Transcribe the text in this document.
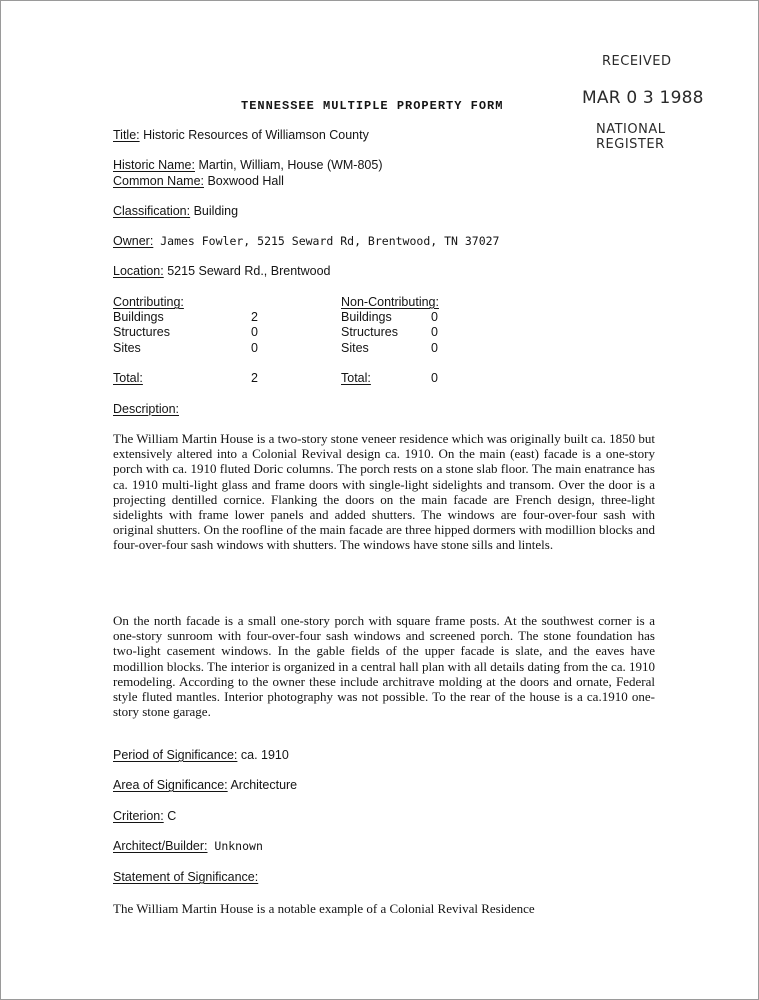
RECEIVED
MAR 0 3 1988
NATIONAL
REGISTER
TENNESSEE MULTIPLE PROPERTY FORM
Title: Historic Resources of Williamson County
Historic Name: Martin, William, House (WM-805)
Common Name: Boxwood Hall
Classification: Building
Owner: James Fowler, 5215 Seward Rd, Brentwood, TN 37027
Location: 5215 Seward Rd., Brentwood
Contributing:
Buildings	2
Structures	0
Sites	0
Total:	2
Non-Contributing:
Buildings	0
Structures	0
Sites	0
Total:	0
Description:

The William Martin House is a two-story stone veneer residence which was originally built ca. 1850 but extensively altered into a Colonial Revival design ca. 1910. On the main (east) facade is a one-story porch with ca. 1910 fluted Doric columns. The porch rests on a stone slab floor. The main enatrance has ca. 1910 multi-light glass and frame doors with single-light sidelights and transom. Over the door is a projecting dentilled cornice. Flanking the doors on the main facade are French design, three-light sidelights with frame lower panels and added shutters. The windows are four-over-four sash with original shutters. On the roofline of the main facade are three hipped dormers with modillion blocks and four-over-four sash windows with shutters. The windows have stone sills and lintels.

On the north facade is a small one-story porch with square frame posts. At the southwest corner is a one-story sunroom with four-over-four sash windows and screened porch. The stone foundation has two-light casement windows. In the gable fields of the upper facade is slate, and the eaves have modillion blocks. The interior is organized in a central hall plan with all details dating from the ca. 1910 remodeling. According to the owner these include architrave molding at the doors and ornate, Federal style fluted mantles. Interior photography was not possible. To the rear of the house is a ca.1910 one-story stone garage.

Period of Significance: ca. 1910
Area of Significance: Architecture
Criterion: C
Architect/Builder: Unknown
Statement of Significance:

The William Martin House is a notable example of a Colonial Revival Residence
